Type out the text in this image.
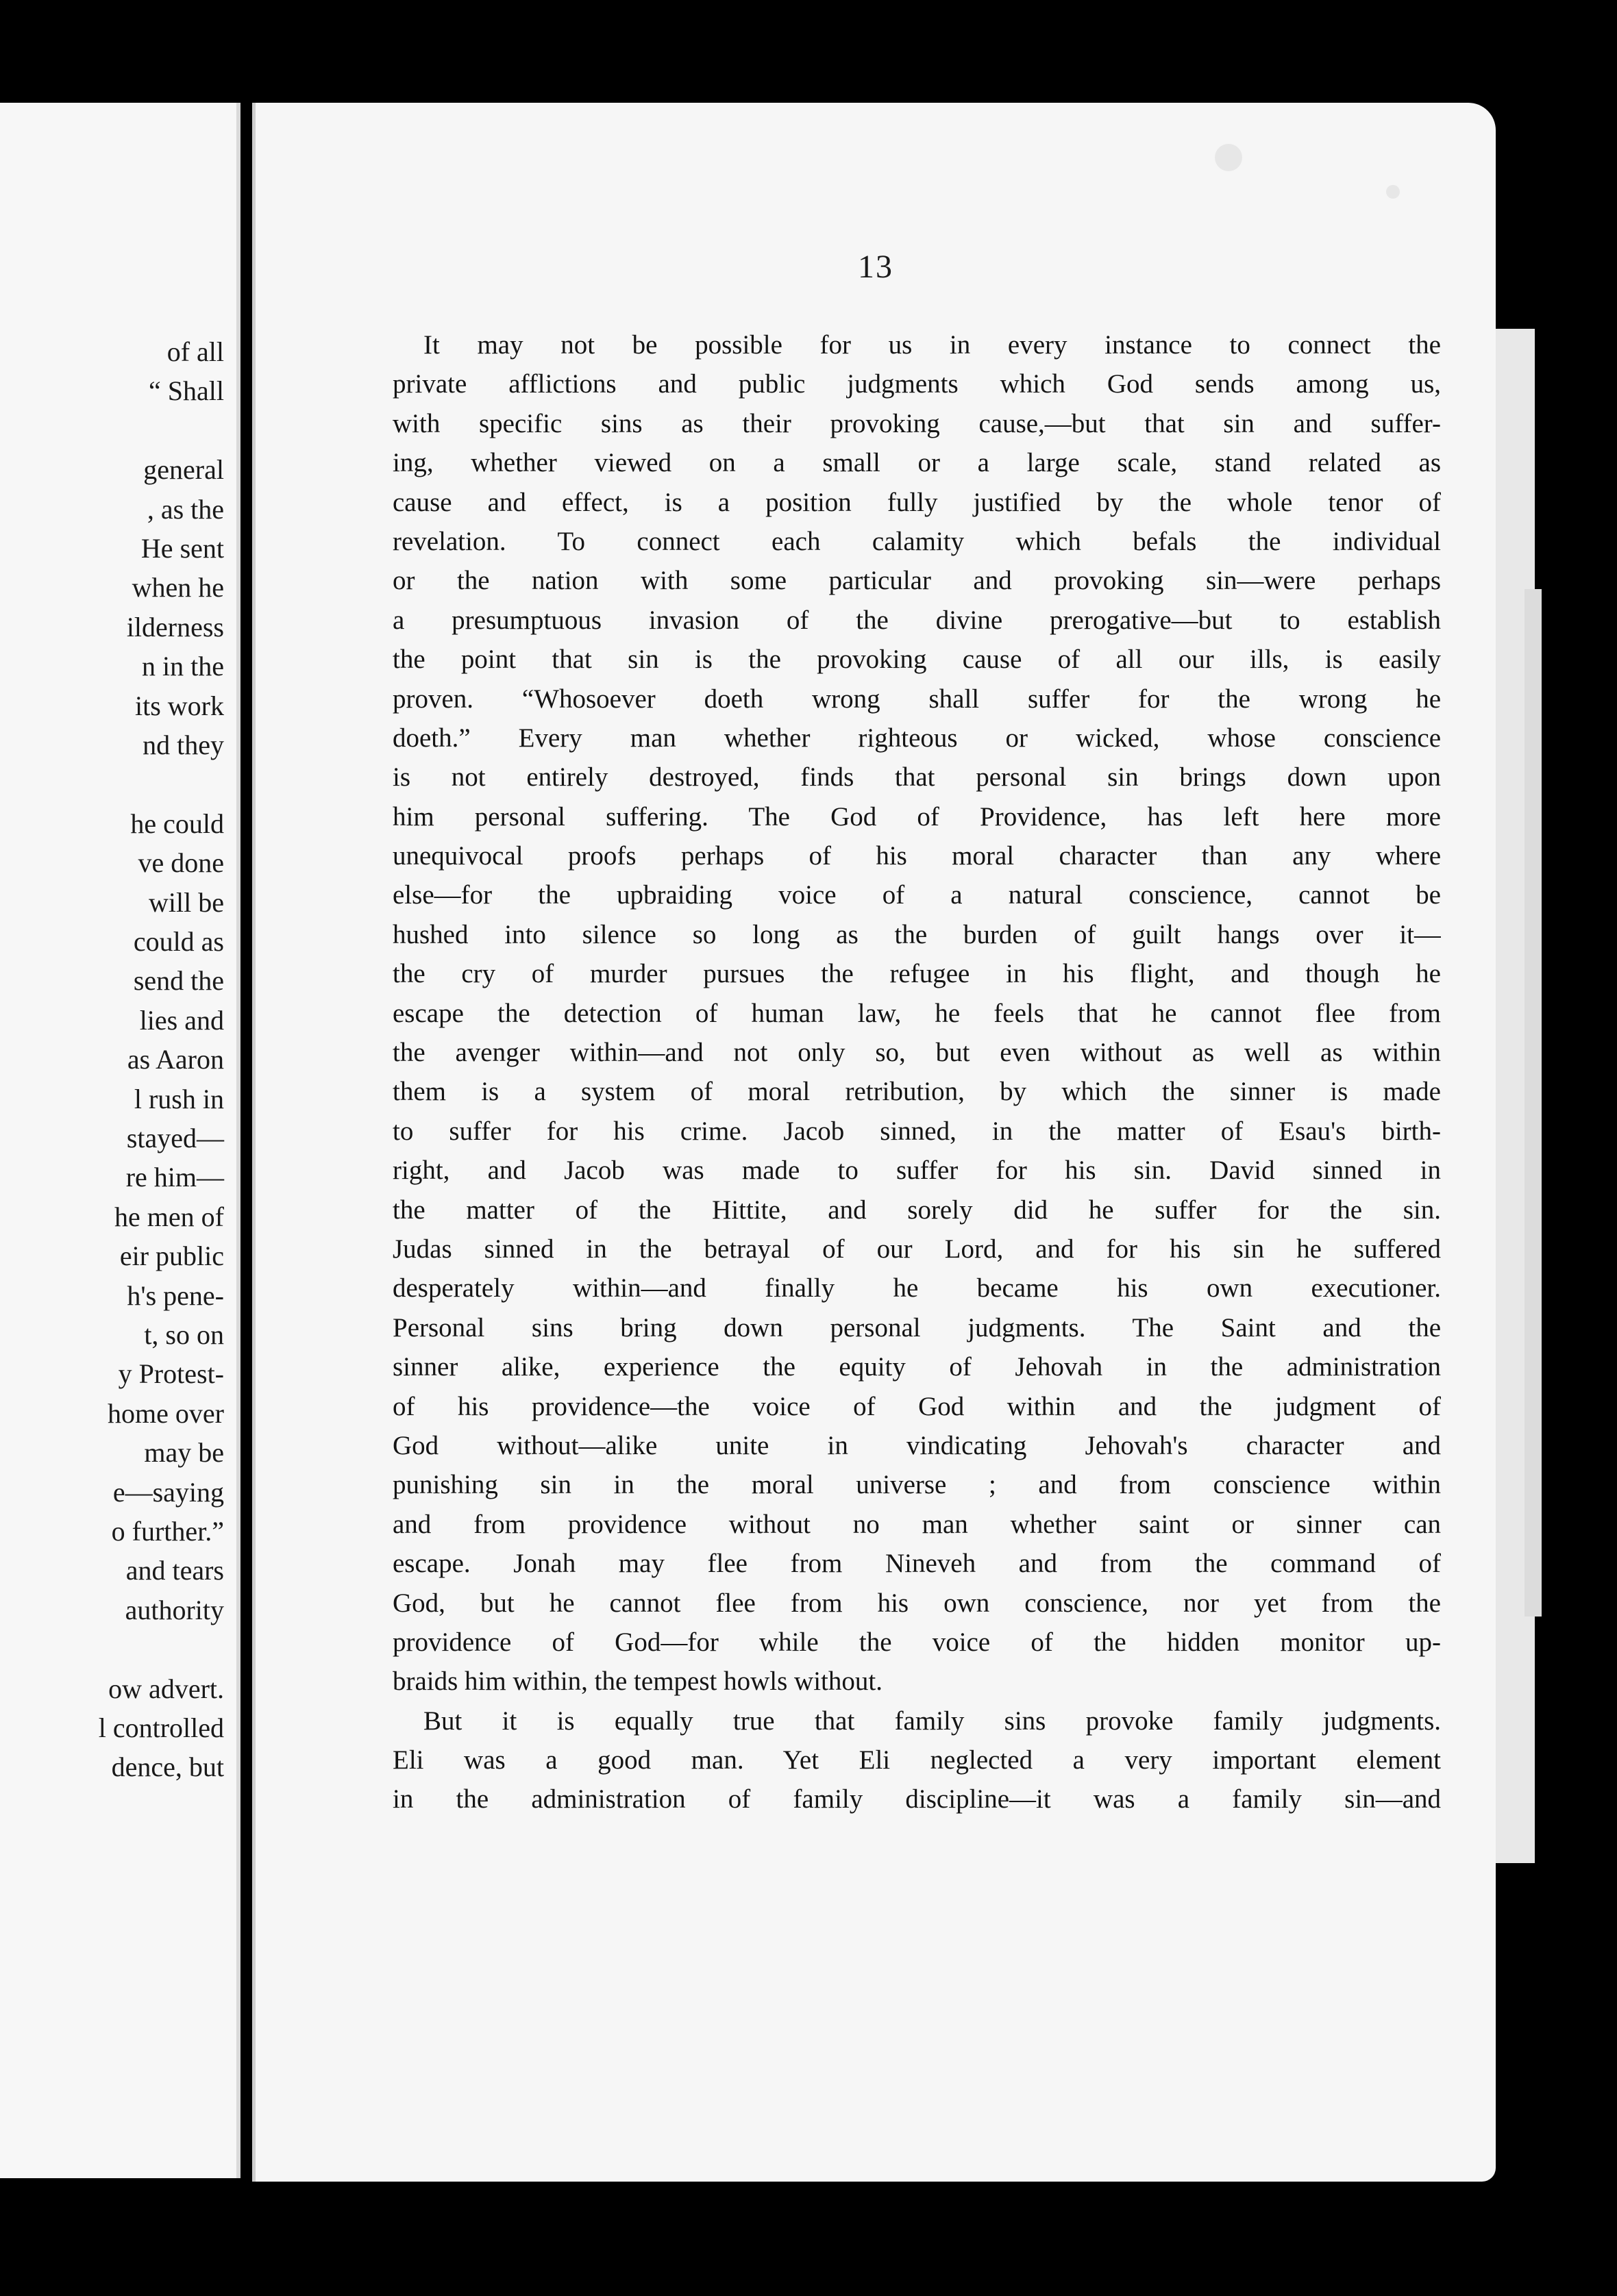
of all
“ Shall
general
, as the
He sent
when he
ilderness
n in the
its work
nd they
he could
ve done
will be
could as
send the
lies and
as Aaron
l rush in
stayed—
re him—
he men of
eir public
h's pene-
t, so on
y Protest-
home over
may be
e—saying
o further.”
and tears
authority
ow advert.
l controlled
dence, but
13
It may not be possible for us in every instance to connect the
private afflictions and public judgments which God sends among us,
with specific sins as their provoking cause,—but that sin and suffer-
ing, whether viewed on a small or a large scale, stand related as
cause and effect, is a position fully justified by the whole tenor of
revelation. To connect each calamity which befals the individual
or the nation with some particular and provoking sin—were perhaps
a presumptuous invasion of the divine prerogative—but to establish
the point that sin is the provoking cause of all our ills, is easily
proven. “Whosoever doeth wrong shall suffer for the wrong he
doeth.” Every man whether righteous or wicked, whose conscience
is not entirely destroyed, finds that personal sin brings down upon
him personal suffering. The God of Providence, has left here more
unequivocal proofs perhaps of his moral character than any where
else—for the upbraiding voice of a natural conscience, cannot be
hushed into silence so long as the burden of guilt hangs over it—
the cry of murder pursues the refugee in his flight, and though he
escape the detection of human law, he feels that he cannot flee from
the avenger within—and not only so, but even without as well as within
them is a system of moral retribution, by which the sinner is made
to suffer for his crime. Jacob sinned, in the matter of Esau's birth-
right, and Jacob was made to suffer for his sin. David sinned in
the matter of the Hittite, and sorely did he suffer for the sin.
Judas sinned in the betrayal of our Lord, and for his sin he suffered
desperately within—and finally he became his own executioner.
Personal sins bring down personal judgments. The Saint and the
sinner alike, experience the equity of Jehovah in the administration
of his providence—the voice of God within and the judgment of
God without—alike unite in vindicating Jehovah's character and
punishing sin in the moral universe ; and from conscience within
and from providence without no man whether saint or sinner can
escape. Jonah may flee from Nineveh and from the command of
God, but he cannot flee from his own conscience, nor yet from the
providence of God—for while the voice of the hidden monitor up-
braids him within, the tempest howls without.
But it is equally true that family sins provoke family judgments.
Eli was a good man. Yet Eli neglected a very important element
in the administration of family discipline—it was a family sin—and
